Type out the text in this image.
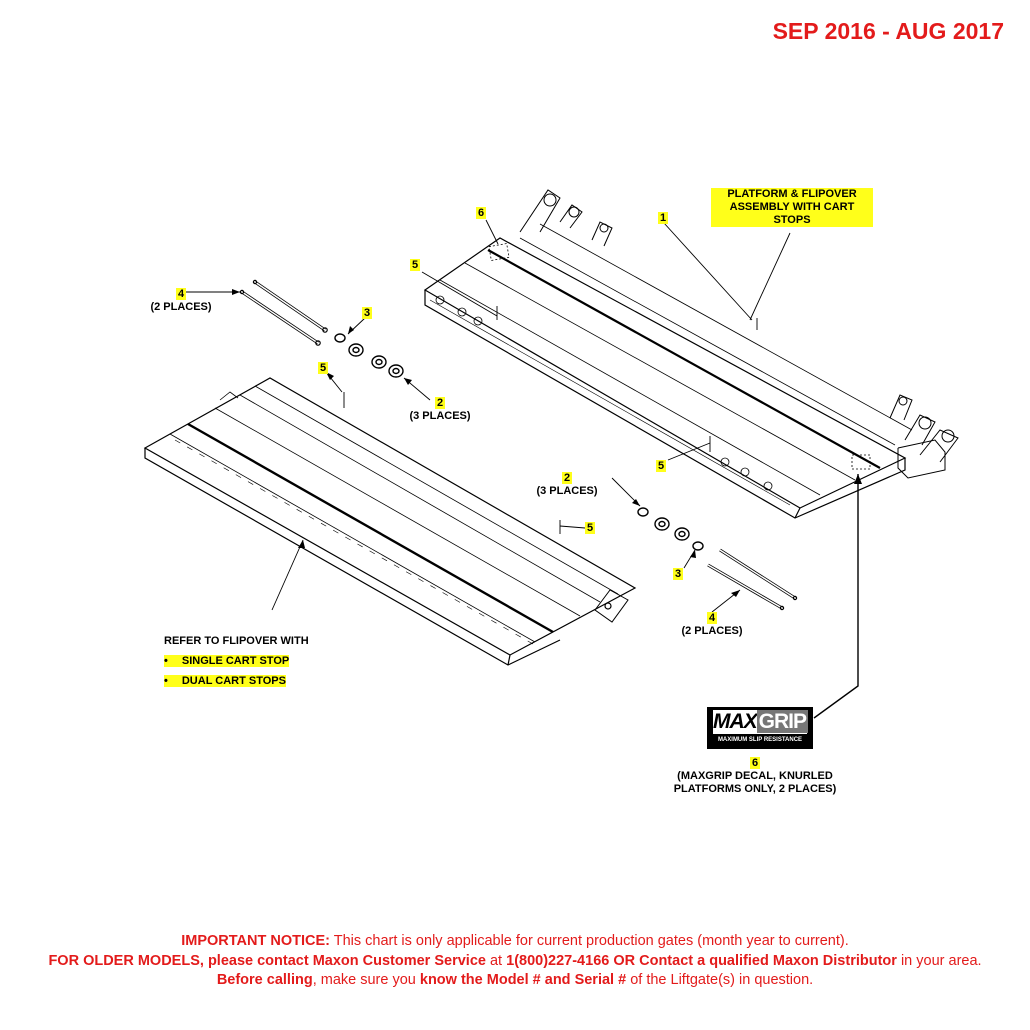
SEP 2016 - AUG 2017
PLATFORM & FLIPOVER ASSEMBLY WITH CART STOPS
1
6
5
4
(2 PLACES)	3
5
2
(3 PLACES)
5
2
(3 PLACES)
5
3
4
(2 PLACES)
REFER TO FLIPOVER WITH
• SINGLE CART STOP
• DUAL CART STOPS
MAXGRIP
MAXIMUM SLIP RESISTANCE
6
(MAXGRIP DECAL, KNURLED PLATFORMS ONLY, 2 PLACES)
IMPORTANT NOTICE: This chart is only applicable for current production gates (month year to current).
FOR OLDER MODELS, please contact Maxon Customer Service at 1(800)227-4166 OR Contact a qualified Maxon Distributor in your area. Before calling, make sure you know the Model # and Serial # of the Liftgate(s) in question.
